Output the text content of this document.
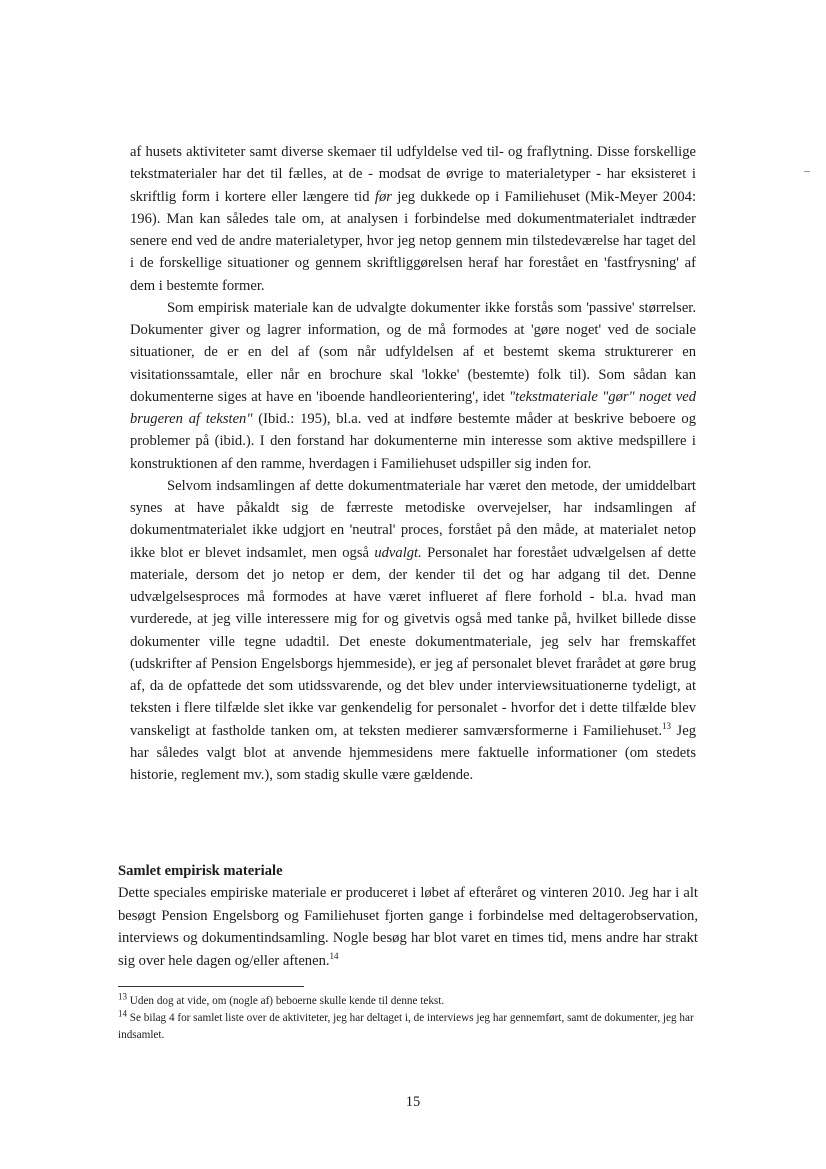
af husets aktiviteter samt diverse skemaer til udfyldelse ved til- og fraflytning. Disse forskellige tekstmaterialer har det til fælles, at de - modsat de øvrige to materialetyper - har eksisteret i skriftlig form i kortere eller længere tid før jeg dukkede op i Familiehuset (Mik-Meyer 2004: 196). Man kan således tale om, at analysen i forbindelse med dokumentmaterialet indtræder senere end ved de andre materialetyper, hvor jeg netop gennem min tilstedeværelse har taget del i de forskellige situationer og gennem skriftliggørelsen heraf har forestået en 'fastfrysning' af dem i bestemte former.

Som empirisk materiale kan de udvalgte dokumenter ikke forstås som 'passive' størrelser. Dokumenter giver og lagrer information, og de må formodes at 'gøre noget' ved de sociale situationer, de er en del af (som når udfyldelsen af et bestemt skema strukturerer en visitationssamtale, eller når en brochure skal 'lokke' (bestemte) folk til). Som sådan kan dokumenterne siges at have en 'iboende handleorientering', idet "tekstmateriale "gør" noget ved brugeren af teksten" (Ibid.: 195), bl.a. ved at indføre bestemte måder at beskrive beboere og problemer på (ibid.). I den forstand har dokumenterne min interesse som aktive medspillere i konstruktionen af den ramme, hverdagen i Familiehuset udspiller sig inden for.

Selvom indsamlingen af dette dokumentmateriale har været den metode, der umiddelbart synes at have påkaldt sig de færreste metodiske overvejelser, har indsamlingen af dokumentmaterialet ikke udgjort en 'neutral' proces, forstået på den måde, at materialet netop ikke blot er blevet indsamlet, men også udvalgt. Personalet har forestået udvælgelsen af dette materiale, dersom det jo netop er dem, der kender til det og har adgang til det. Denne udvælgelsesproces må formodes at have været influeret af flere forhold - bl.a. hvad man vurderede, at jeg ville interessere mig for og givetvis også med tanke på, hvilket billede disse dokumenter ville tegne udadtil. Det eneste dokumentmateriale, jeg selv har fremskaffet (udskrifter af Pension Engelsborgs hjemmeside), er jeg af personalet blevet frarådet at gøre brug af, da de opfattede det som utidssvarende, og det blev under interviewsituationerne tydeligt, at teksten i flere tilfælde slet ikke var genkendelig for personalet - hvorfor det i dette tilfælde blev vanskeligt at fastholde tanken om, at teksten medierer samværsformerne i Familiehuset.$^{13}$ Jeg har således valgt blot at anvende hjemmesidens mere faktuelle informationer (om stedets historie, reglement mv.), som stadig skulle være gældende.

Samlet empirisk materiale

Dette speciales empiriske materiale er produceret i løbet af efteråret og vinteren 2010. Jeg har i alt besøgt Pension Engelsborg og Familiehuset fjorten gange i forbindelse med deltagerobservation, interviews og dokumentindsamling. Nogle besøg har blot varet en times tid, mens andre har strakt sig over hele dagen og/eller aftenen.$^{14}$

$^{13}$ Uden dog at vide, om (nogle af) beboerne skulle kende til denne tekst.

$^{14}$ Se bilag 4 for samlet liste over de aktiviteter, jeg har deltaget i, de interviews jeg har gennemført, samt de dokumenter, jeg har indsamlet.

15
